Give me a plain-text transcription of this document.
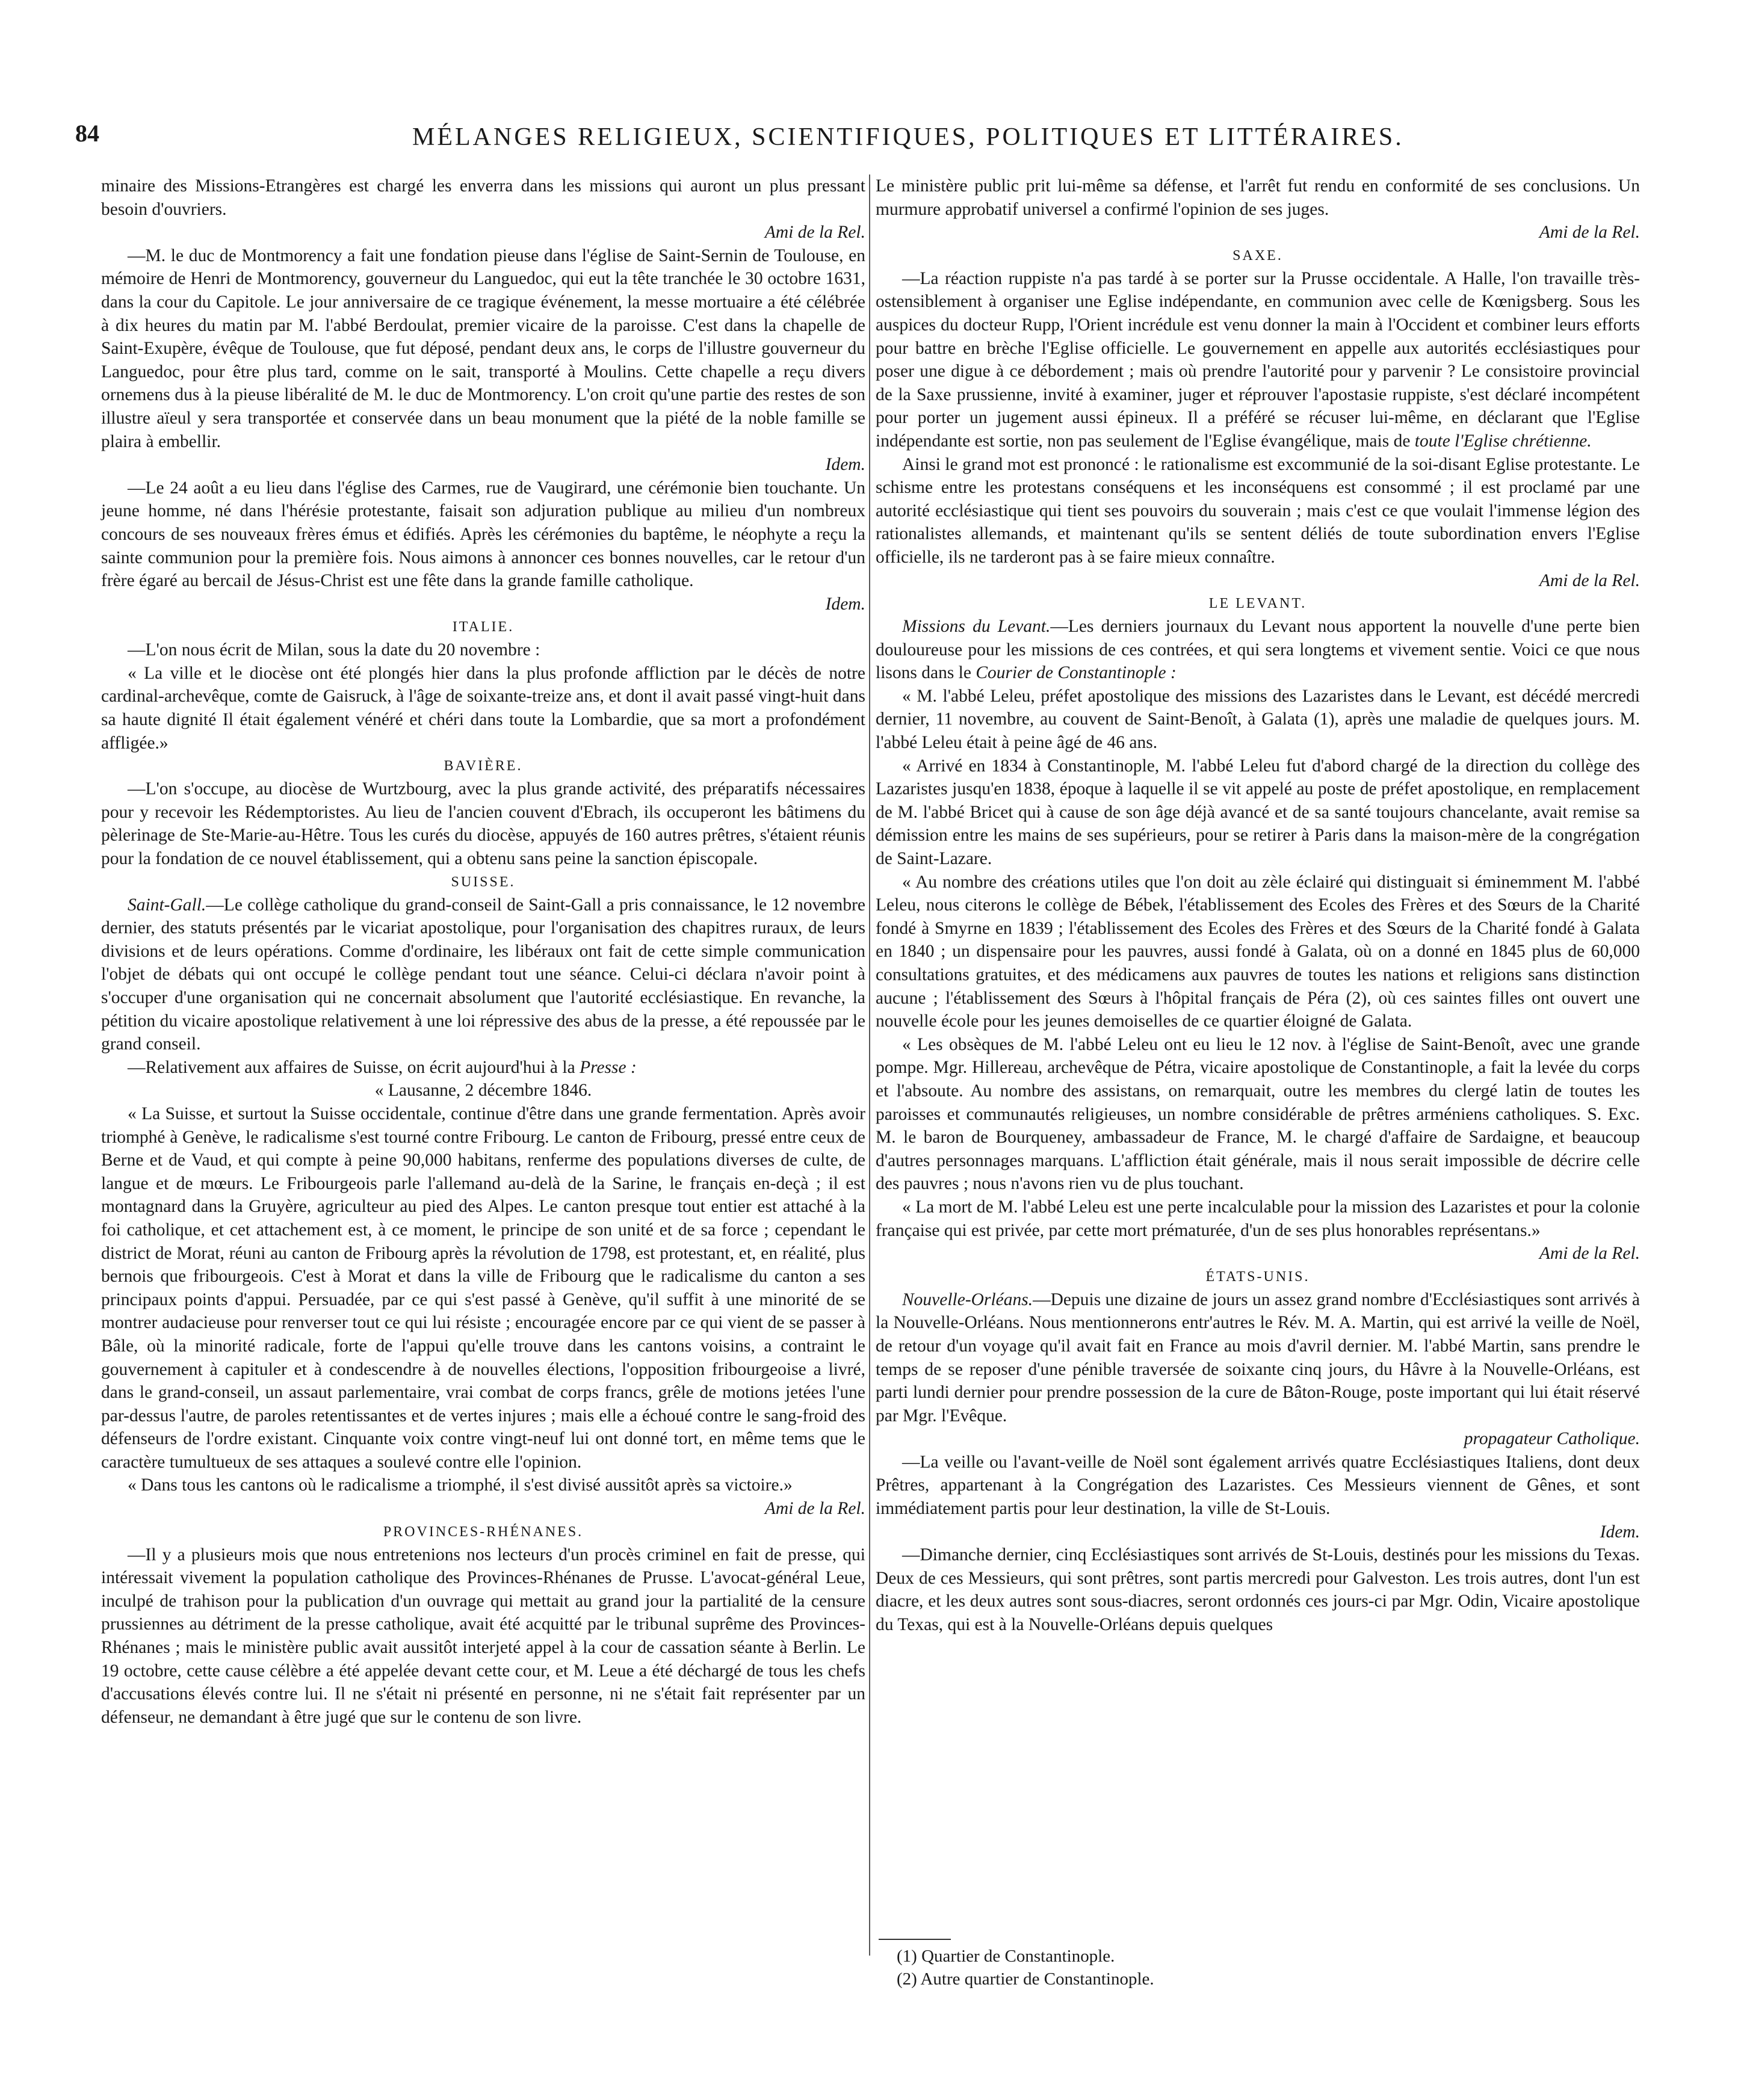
84	MÉLANGES RELIGIEUX, SCIENTIFIQUES, POLITIQUES ET LITTÉRAIRES.

minaire des Missions-Etrangères est chargé les enverra dans les missions qui auront un plus pressant besoin d'ouvriers.
Ami de la Rel.

—M. le duc de Montmorency a fait une fondation pieuse dans l'église de Saint-Sernin de Toulouse, en mémoire de Henri de Montmorency, gouverneur du Languedoc, qui eut la tête tranchée le 30 octobre 1631, dans la cour du Capitole. Le jour anniversaire de ce tragique événement, la messe mortuaire a été célébrée à dix heures du matin par M. l'abbé Berdoulat, premier vicaire de la paroisse. C'est dans la chapelle de Saint-Exupère, évêque de Toulouse, que fut déposé, pendant deux ans, le corps de l'illustre gouverneur du Languedoc, pour être plus tard, comme on le sait, transporté à Moulins. Cette chapelle a reçu divers ornemens dus à la pieuse libéralité de M. le duc de Montmorency. L'on croit qu'une partie des restes de son illustre aïeul y sera transportée et conservée dans un beau monument que la piété de la noble famille se plaira à embellir.
Idem.

—Le 24 août a eu lieu dans l'église des Carmes, rue de Vaugirard, une cérémonie bien touchante. Un jeune homme, né dans l'hérésie protestante, faisait son adjuration publique au milieu d'un nombreux concours de ses nouveaux frères émus et édifiés. Après les cérémonies du baptême, le néophyte a reçu la sainte communion pour la première fois. Nous aimons à annoncer ces bonnes nouvelles, car le retour d'un frère égaré au bercail de Jésus-Christ est une fête dans la grande famille catholique.
Idem.

ITALIE.

—L'on nous écrit de Milan, sous la date du 20 novembre :

« La ville et le diocèse ont été plongés hier dans la plus profonde affliction par le décès de notre cardinal-archevêque, comte de Gaisruck, à l'âge de soixante-treize ans, et dont il avait passé vingt-huit dans sa haute dignité Il était également vénéré et chéri dans toute la Lombardie, que sa mort a profondément affligée.»

BAVIÈRE.

—L'on s'occupe, au diocèse de Wurtzbourg, avec la plus grande activité, des préparatifs nécessaires pour y recevoir les Rédemptoristes. Au lieu de l'ancien couvent d'Ebrach, ils occuperont les bâtimens du pèlerinage de Ste-Marie-au-Hêtre. Tous les curés du diocèse, appuyés de 160 autres prêtres, s'étaient réunis pour la fondation de ce nouvel établissement, qui a obtenu sans peine la sanction épiscopale.

SUISSE.

Saint-Gall.—Le collège catholique du grand-conseil de Saint-Gall a pris connaissance, le 12 novembre dernier, des statuts présentés par le vicariat apostolique, pour l'organisation des chapitres ruraux, de leurs divisions et de leurs opérations. Comme d'ordinaire, les libéraux ont fait de cette simple communication l'objet de débats qui ont occupé le collège pendant tout une séance. Celui-ci déclara n'avoir point à s'occuper d'une organisation qui ne concernait absolument que l'autorité ecclésiastique. En revanche, la pétition du vicaire apostolique relativement à une loi répressive des abus de la presse, a été repoussée par le grand conseil.

—Relativement aux affaires de Suisse, on écrit aujourd'hui à la Presse :

« Lausanne, 2 décembre 1846.

« La Suisse, et surtout la Suisse occidentale, continue d'être dans une grande fermentation. Après avoir triomphé à Genève, le radicalisme s'est tourné contre Fribourg. Le canton de Fribourg, pressé entre ceux de Berne et de Vaud, et qui compte à peine 90,000 habitans, renferme des populations diverses de culte, de langue et de mœurs. Le Fribourgeois parle l'allemand au-delà de la Sarine, le français en-deçà ; il est montagnard dans la Gruyère, agriculteur au pied des Alpes. Le canton presque tout entier est attaché à la foi catholique, et cet attachement est, à ce moment, le principe de son unité et de sa force ; cependant le district de Morat, réuni au canton de Fribourg après la révolution de 1798, est protestant, et, en réalité, plus bernois que fribourgeois. C'est à Morat et dans la ville de Fribourg que le radicalisme du canton a ses principaux points d'appui. Persuadée, par ce qui s'est passé à Genève, qu'il suffit à une minorité de se montrer audacieuse pour renverser tout ce qui lui résiste ; encouragée encore par ce qui vient de se passer à Bâle, où la minorité radicale, forte de l'appui qu'elle trouve dans les cantons voisins, a contraint le gouvernement à capituler et à condescendre à de nouvelles élections, l'opposition fribourgeoise a livré, dans le grand-conseil, un assaut parlementaire, vrai combat de corps francs, grêle de motions jetées l'une par-dessus l'autre, de paroles retentissantes et de vertes injures ; mais elle a échoué contre le sang-froid des défenseurs de l'ordre existant. Cinquante voix contre vingt-neuf lui ont donné tort, en même tems que le caractère tumultueux de ses attaques a soulevé contre elle l'opinion.

« Dans tous les cantons où le radicalisme a triomphé, il s'est divisé aussitôt après sa victoire.»
Ami de la Rel.

PROVINCES-RHÉNANES.

—Il y a plusieurs mois que nous entretenions nos lecteurs d'un procès criminel en fait de presse, qui intéressait vivement la population catholique des Provinces-Rhénanes de Prusse. L'avocat-général Leue, inculpé de trahison pour la publication d'un ouvrage qui mettait au grand jour la partialité de la censure prussiennes au détriment de la presse catholique, avait été acquitté par le tribunal suprême des Provinces-Rhénanes ; mais le ministère public avait aussitôt interjeté appel à la cour de cassation séante à Berlin. Le 19 octobre, cette cause célèbre a été appelée devant cette cour, et M. Leue a été déchargé de tous les chefs d'accusations élevés contre lui. Il ne s'était ni présenté en personne, ni ne s'était fait représenter par un défenseur, ne demandant à être jugé que sur le contenu de son livre.

Le ministère public prit lui-même sa défense, et l'arrêt fut rendu en conformité de ses conclusions. Un murmure approbatif universel a confirmé l'opinion de ses juges.
Ami de la Rel.

SAXE.

—La réaction ruppiste n'a pas tardé à se porter sur la Prusse occidentale. A Halle, l'on travaille très-ostensiblement à organiser une Eglise indépendante, en communion avec celle de Kœnigsberg. Sous les auspices du docteur Rupp, l'Orient incrédule est venu donner la main à l'Occident et combiner leurs efforts pour battre en brèche l'Eglise officielle. Le gouvernement en appelle aux autorités ecclésiastiques pour poser une digue à ce débordement ; mais où prendre l'autorité pour y parvenir ? Le consistoire provincial de la Saxe prussienne, invité à examiner, juger et réprouver l'apostasie ruppiste, s'est déclaré incompétent pour porter un jugement aussi épineux. Il a préféré se récuser lui-même, en déclarant que l'Eglise indépendante est sortie, non pas seulement de l'Eglise évangélique, mais de toute l'Eglise chrétienne.

Ainsi le grand mot est prononcé : le rationalisme est excommunié de la soi-disant Eglise protestante. Le schisme entre les protestans conséquens et les inconséquens est consommé ; il est proclamé par une autorité ecclésiastique qui tient ses pouvoirs du souverain ; mais c'est ce que voulait l'immense légion des rationalistes allemands, et maintenant qu'ils se sentent déliés de toute subordination envers l'Eglise officielle, ils ne tarderont pas à se faire mieux connaître.
Ami de la Rel.

LE LEVANT.

Missions du Levant.—Les derniers journaux du Levant nous apportent la nouvelle d'une perte bien douloureuse pour les missions de ces contrées, et qui sera longtems et vivement sentie. Voici ce que nous lisons dans le Courier de Constantinople :

« M. l'abbé Leleu, préfet apostolique des missions des Lazaristes dans le Levant, est décédé mercredi dernier, 11 novembre, au couvent de Saint-Benoît, à Galata (1), après une maladie de quelques jours. M. l'abbé Leleu était à peine âgé de 46 ans.

« Arrivé en 1834 à Constantinople, M. l'abbé Leleu fut d'abord chargé de la direction du collège des Lazaristes jusqu'en 1838, époque à laquelle il se vit appelé au poste de préfet apostolique, en remplacement de M. l'abbé Bricet qui à cause de son âge déjà avancé et de sa santé toujours chancelante, avait remise sa démission entre les mains de ses supérieurs, pour se retirer à Paris dans la maison-mère de la congrégation de Saint-Lazare.

« Au nombre des créations utiles que l'on doit au zèle éclairé qui distinguait si éminemment M. l'abbé Leleu, nous citerons le collège de Bébek, l'établissement des Ecoles des Frères et des Sœurs de la Charité fondé à Smyrne en 1839 ; l'établissement des Ecoles des Frères et des Sœurs de la Charité fondé à Galata en 1840 ; un dispensaire pour les pauvres, aussi fondé à Galata, où on a donné en 1845 plus de 60,000 consultations gratuites, et des médicamens aux pauvres de toutes les nations et religions sans distinction aucune ; l'établissement des Sœurs à l'hôpital français de Péra (2), où ces saintes filles ont ouvert une nouvelle école pour les jeunes demoiselles de ce quartier éloigné de Galata.

« Les obsèques de M. l'abbé Leleu ont eu lieu le 12 nov. à l'église de Saint-Benoît, avec une grande pompe. Mgr. Hillereau, archevêque de Pétra, vicaire apostolique de Constantinople, a fait la levée du corps et l'absoute. Au nombre des assistans, on remarquait, outre les membres du clergé latin de toutes les paroisses et communautés religieuses, un nombre considérable de prêtres arméniens catholiques. S. Exc. M. le baron de Bourqueney, ambassadeur de France, M. le chargé d'affaire de Sardaigne, et beaucoup d'autres personnages marquans. L'affliction était générale, mais il nous serait impossible de décrire celle des pauvres ; nous n'avons rien vu de plus touchant.

« La mort de M. l'abbé Leleu est une perte incalculable pour la mission des Lazaristes et pour la colonie française qui est privée, par cette mort prématurée, d'un de ses plus honorables représentans.»
Ami de la Rel.

ÉTATS-UNIS.

Nouvelle-Orléans.—Depuis une dizaine de jours un assez grand nombre d'Ecclésiastiques sont arrivés à la Nouvelle-Orléans. Nous mentionnerons entr'autres le Rév. M. A. Martin, qui est arrivé la veille de Noël, de retour d'un voyage qu'il avait fait en France au mois d'avril dernier. M. l'abbé Martin, sans prendre le temps de se reposer d'une pénible traversée de soixante cinq jours, du Hâvre à la Nouvelle-Orléans, est parti lundi dernier pour prendre possession de la cure de Bâton-Rouge, poste important qui lui était réservé par Mgr. l'Evêque.
propagateur Catholique.

—La veille ou l'avant-veille de Noël sont également arrivés quatre Ecclésiastiques Italiens, dont deux Prêtres, appartenant à la Congrégation des Lazaristes. Ces Messieurs viennent de Gênes, et sont immédiatement partis pour leur destination, la ville de St-Louis.
Idem.

—Dimanche dernier, cinq Ecclésiastiques sont arrivés de St-Louis, destinés pour les missions du Texas. Deux de ces Messieurs, qui sont prêtres, sont partis mercredi pour Galveston. Les trois autres, dont l'un est diacre, et les deux autres sont sous-diacres, seront ordonnés ces jours-ci par Mgr. Odin, Vicaire apostolique du Texas, qui est à la Nouvelle-Orléans depuis quelques

(1) Quartier de Constantinople.
(2) Autre quartier de Constantinople.
